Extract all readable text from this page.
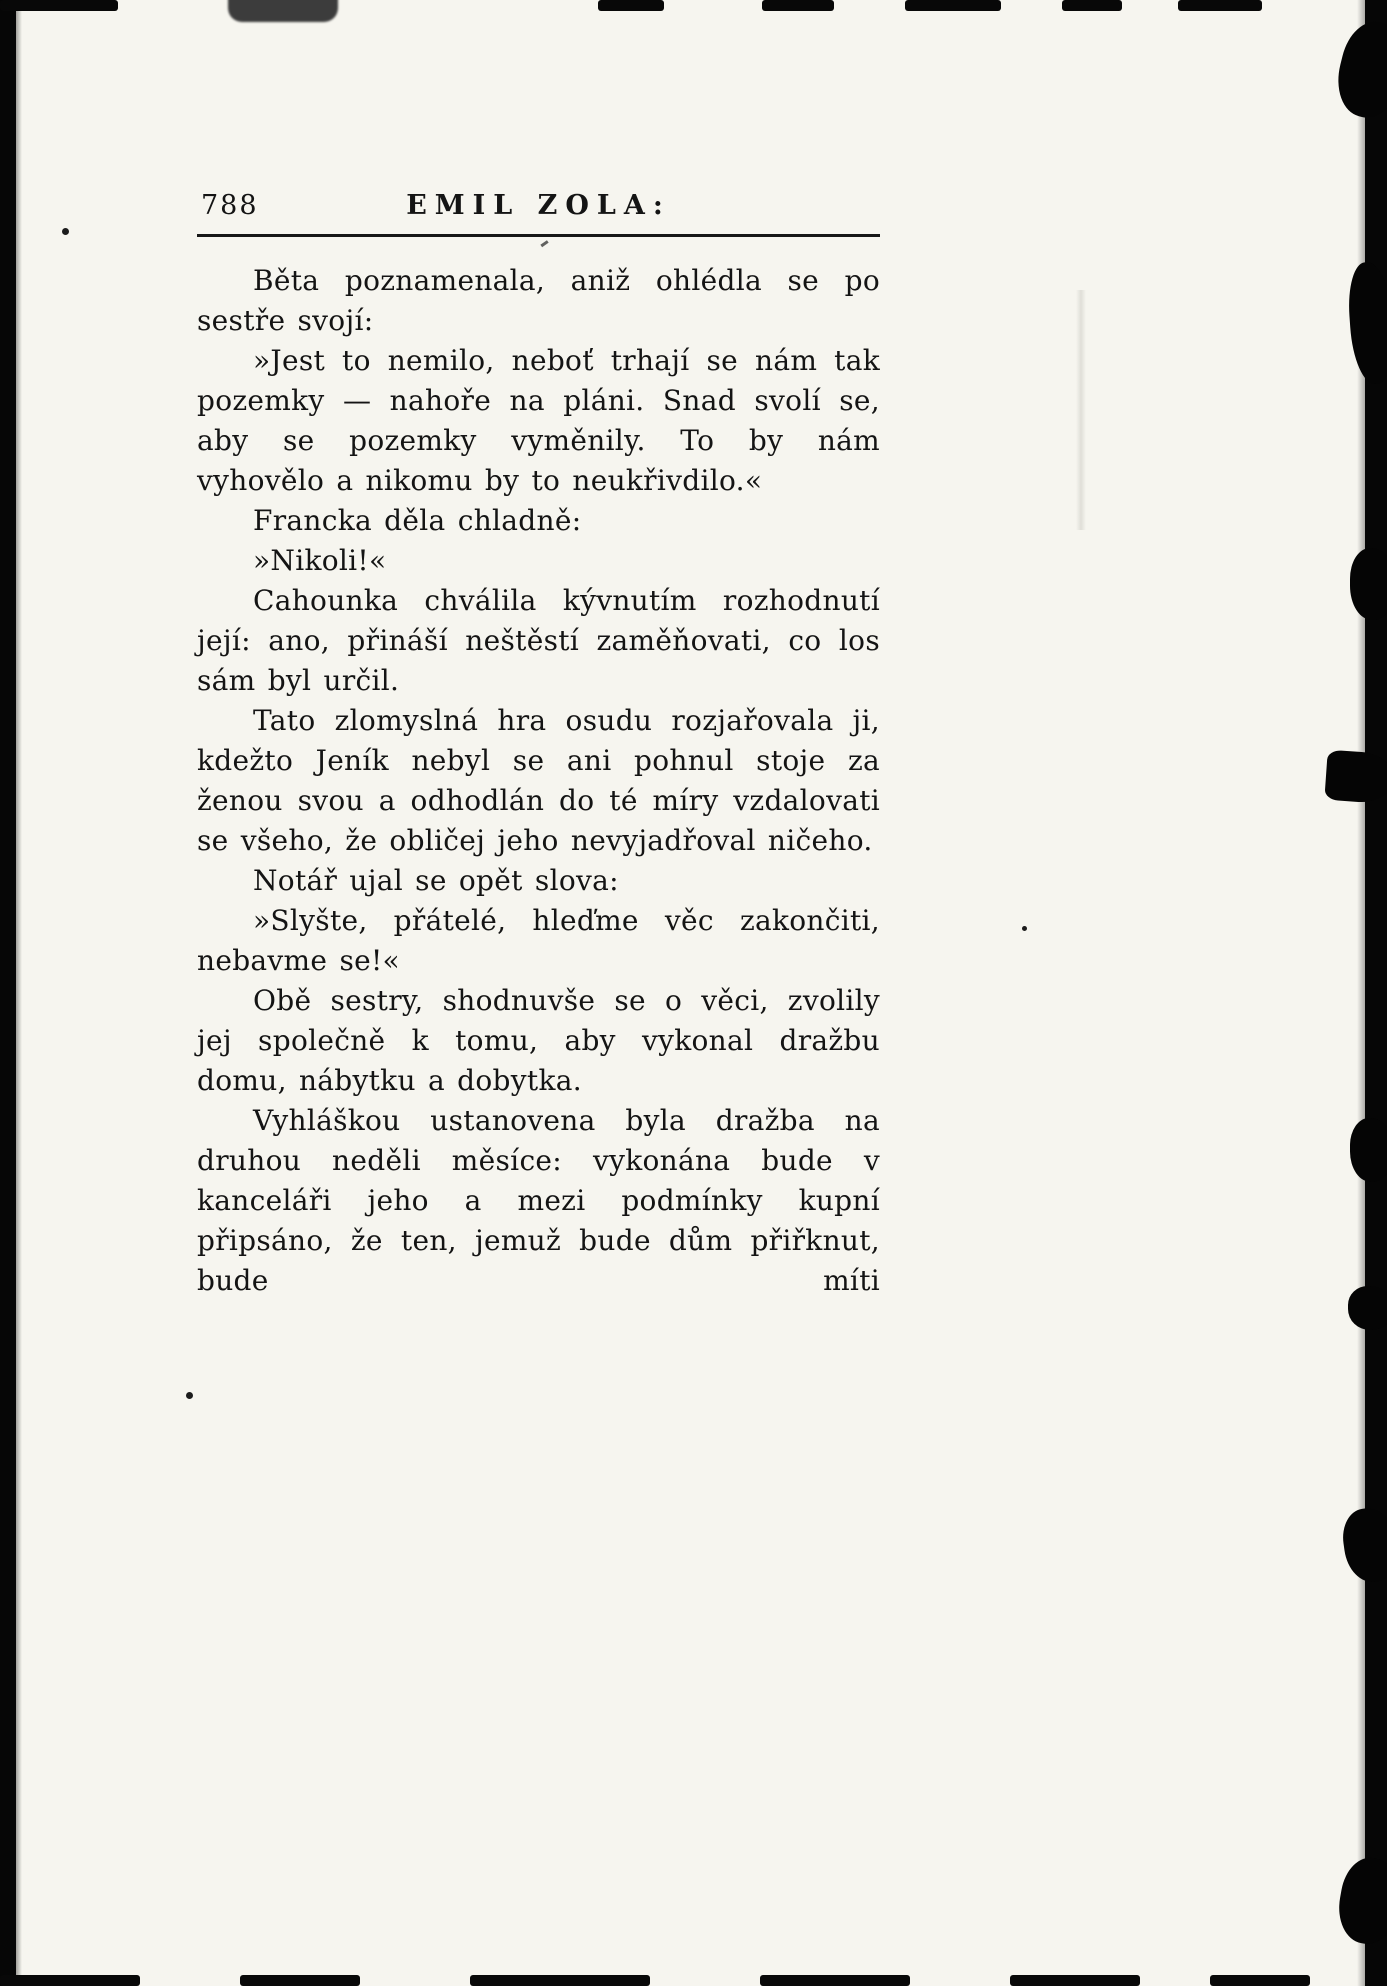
788	EMIL ZOLA:

Běta poznamenala, aniž ohlédla se po sestře svojí:

»Jest to nemilo, neboť trhají se nám tak pozemky — nahoře na pláni. Snad svolí se, aby se pozemky vyměnily. To by nám vyhovělo a nikomu by to neukřivdilo.«

Francka děla chladně:

»Nikoli!«

Cahounka chválila kývnutím rozhodnutí její: ano, přináší neštěstí zaměňovati, co los sám byl určil.

Tato zlomyslná hra osudu rozjařovala ji, kdežto Jeník nebyl se ani pohnul stoje za ženou svou a odhodlán do té míry vzdalovati se všeho, že obličej jeho nevyjadřoval ničeho.

Notář ujal se opět slova:

»Slyšte, přátelé, hleďme věc zakončiti, nebavme se!«

Obě sestry, shodnuvše se o věci, zvolily jej společně k tomu, aby vykonal dražbu domu, nábytku a dobytka.

Vyhláškou ustanovena byla dražba na druhou neděli měsíce: vykonána bude v kanceláři jeho a mezi podmínky kupní připsáno, že ten, jemuž bude dům přiřknut, bude míti
